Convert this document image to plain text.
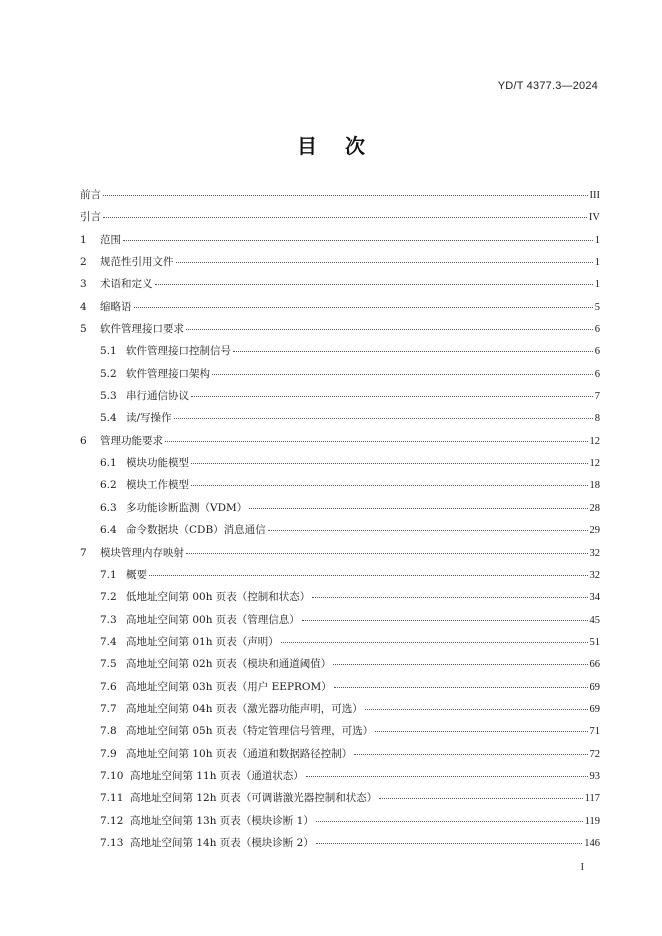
YD/T 4377.3—2024
目次
前言	III
引言	IV
1	范围	1
2	规范性引用文件	1
3	术语和定义	1
4	缩略语	5
5	软件管理接口要求	6
5.1 软件管理接口控制信号	6
5.2 软件管理接口架构	6
5.3 串行通信协议	7
5.4 读/写操作	8
6	管理功能要求	12
6.1 模块功能模型	12
6.2 模块工作模型	18
6.3 多功能诊断监测（VDM）	28
6.4 命令数据块（CDB）消息通信	29
7	模块管理内存映射	32
7.1 概要	32
7.2 低地址空间第 00h 页表（控制和状态）	34
7.3 高地址空间第 00h 页表（管理信息）	45
7.4 高地址空间第 01h 页表（声明）	51
7.5 高地址空间第 02h 页表（模块和通道阈值）	66
7.6 高地址空间第 03h 页表（用户 EEPROM）	69
7.7 高地址空间第 04h 页表（激光器功能声明，可选）	69
7.8 高地址空间第 05h 页表（特定管理信号管理，可选）	71
7.9 高地址空间第 10h 页表（通道和数据路径控制）	72
7.10 高地址空间第 11h 页表（通道状态）	93
7.11 高地址空间第 12h 页表（可调谐激光器控制和状态）	117
7.12 高地址空间第 13h 页表（模块诊断 1）	119
7.13 高地址空间第 14h 页表（模块诊断 2）	146
I
